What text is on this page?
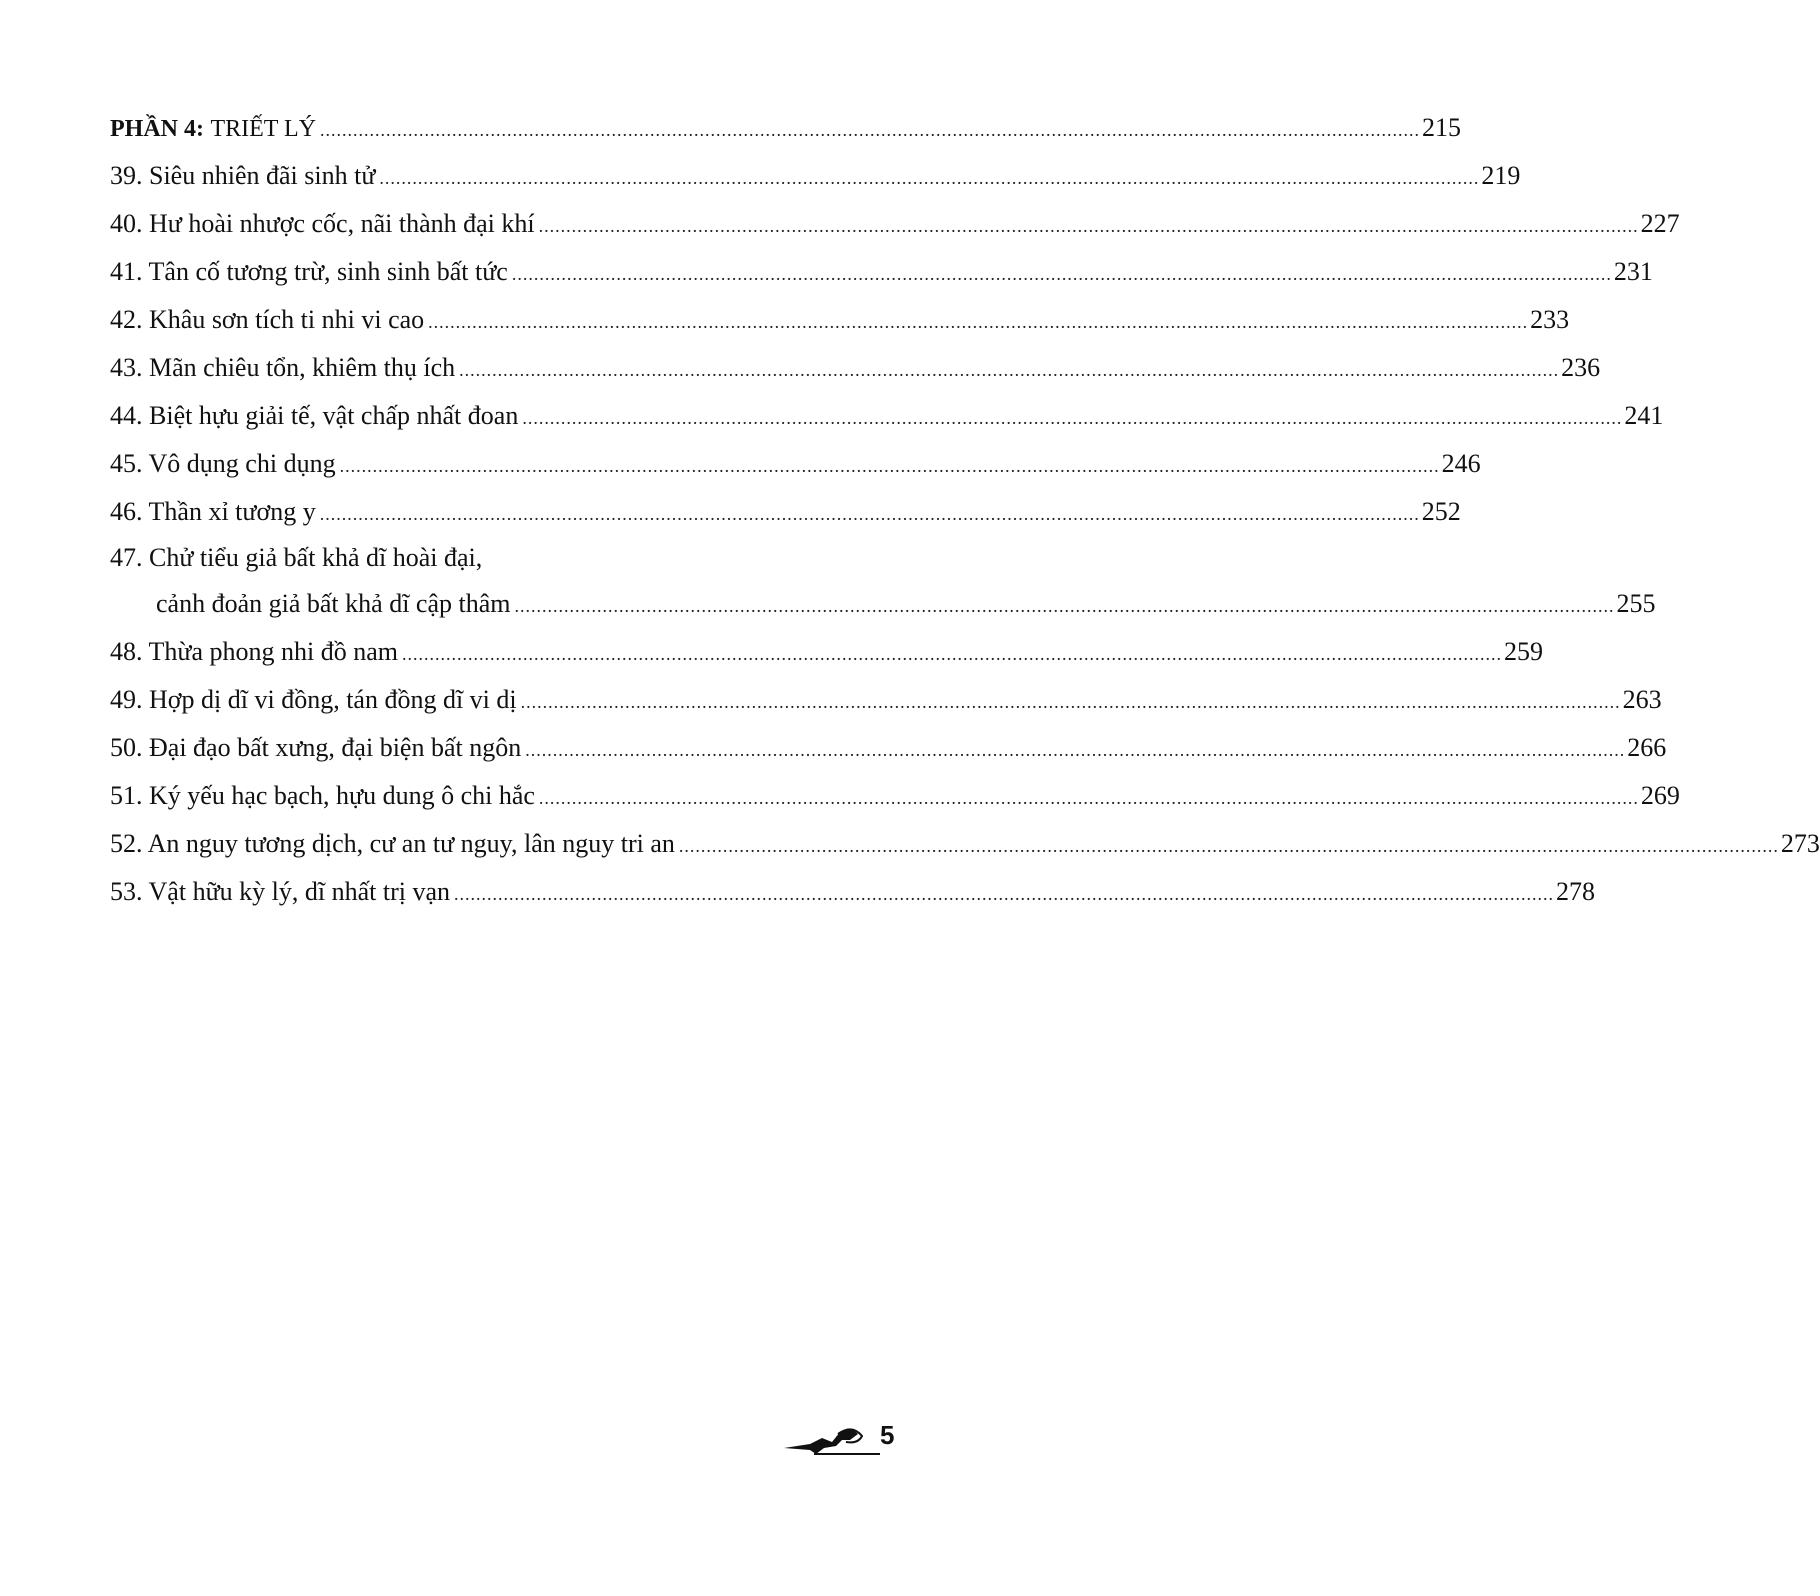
PHẦN 4: TRIẾT LÝ ........................................................................................................................................................................................................ 215
39. Siêu nhiên đãi sinh tử ........................................................................................................................................................................................................ 219
40. Hư hoài nhược cốc, nãi thành đại khí ........................................................................................................................................................................................................ 227
41. Tân cố tương trừ, sinh sinh bất tức ........................................................................................................................................................................................................ 231
42. Khâu sơn tích ti nhi vi cao ........................................................................................................................................................................................................ 233
43. Mãn chiêu tổn, khiêm thụ ích ........................................................................................................................................................................................................ 236
44. Biệt hựu giải tế, vật chấp nhất đoan ........................................................................................................................................................................................................ 241
45. Vô dụng chi dụng ........................................................................................................................................................................................................ 246
46. Thần xỉ tương y ........................................................................................................................................................................................................ 252
47. Chử tiểu giả bất khả dĩ hoài đại,
cảnh đoản giả bất khả dĩ cập thâm ........................................................................................................................................................................................................ 255
48. Thừa phong nhi đồ nam ........................................................................................................................................................................................................ 259
49. Hợp dị dĩ vi đồng, tán đồng dĩ vi dị ........................................................................................................................................................................................................ 263
50. Đại đạo bất xưng, đại biện bất ngôn ........................................................................................................................................................................................................ 266
51. Ký yếu hạc bạch, hựu dung ô chi hắc ........................................................................................................................................................................................................ 269
52. An nguy tương dịch, cư an tư nguy, lân nguy tri an ........................................................................................................................................................................................................ 273
53. Vật hữu kỳ lý, dĩ nhất trị vạn ........................................................................................................................................................................................................ 278
5
